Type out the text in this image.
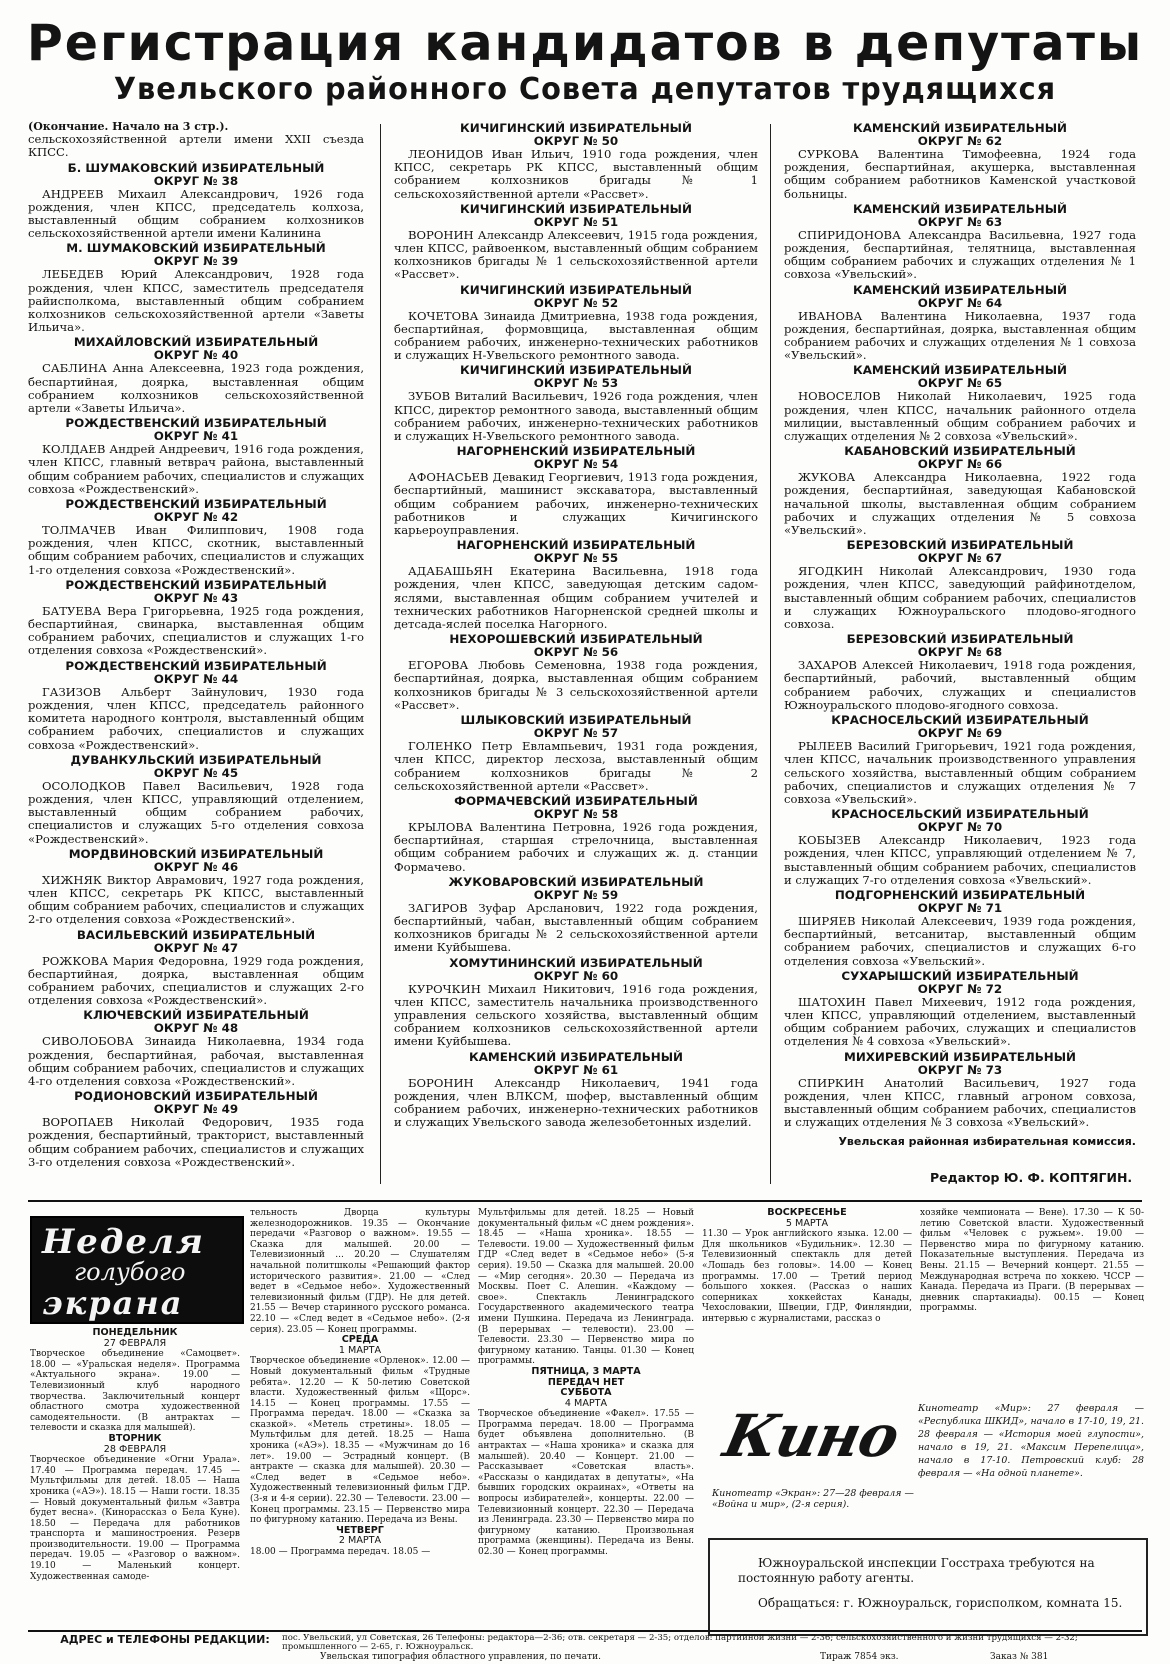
Регистрация кандидатов в депутаты
Увельского районного Совета депутатов трудящихся
(Окончание. Начало на 3 стр.).
сельскохозяйственной артели имени XXII съезда КПСС.
Б. ШУМАКОВСКИЙ ИЗБИРАТЕЛЬНЫЙ
ОКРУГ № 38

АНДРЕЕВ Михаил Александрович, 1926 года рождения, член КПСС, председатель колхоза, выставленный общим собранием колхозников сельскохозяйственной артели имени Калинина

М. ШУМАКОВСКИЙ ИЗБИРАТЕЛЬНЫЙ
ОКРУГ № 39

ЛЕБЕДЕВ Юрий Александрович, 1928 года рождения, член КПСС, заместитель председателя райисполкома, выставленный общим собранием колхозников сельскохозяйственной артели «Заветы Ильича».

МИХАЙЛОВСКИЙ ИЗБИРАТЕЛЬНЫЙ
ОКРУГ № 40

САБЛИНА Анна Алексеевна, 1923 года рождения, беспартийная, доярка, выставленная общим собранием колхозников сельскохозяйственной артели «Заветы Ильича».

РОЖДЕСТВЕНСКИЙ ИЗБИРАТЕЛЬНЫЙ
ОКРУГ № 41

КОЛДАЕВ Андрей Андреевич, 1916 года рождения, член КПСС, главный ветврач района, выставленный общим собранием рабочих, специалистов и служащих совхоза «Рождественский».

РОЖДЕСТВЕНСКИЙ ИЗБИРАТЕЛЬНЫЙ
ОКРУГ № 42

ТОЛМАЧЕВ Иван Филиппович, 1908 года рождения, член КПСС, скотник, выставленный общим собранием рабочих, специалистов и служащих 1-го отделения совхоза «Рождественский».

РОЖДЕСТВЕНСКИЙ ИЗБИРАТЕЛЬНЫЙ
ОКРУГ № 43

БАТУЕВА Вера Григорьевна, 1925 года рождения, беспартийная, свинарка, выставленная общим собранием рабочих, специалистов и служащих 1-го отделения совхоза «Рождественский».

РОЖДЕСТВЕНСКИЙ ИЗБИРАТЕЛЬНЫЙ
ОКРУГ № 44

ГАЗИЗОВ Альберт Зайнулович, 1930 года рождения, член КПСС, председатель районного комитета народного контроля, выставленный общим собранием рабочих, специалистов и служащих совхоза «Рождественский».

ДУВАНКУЛЬСКИЙ ИЗБИРАТЕЛЬНЫЙ
ОКРУГ № 45

ОСОЛОДКОВ Павел Васильевич, 1928 года рождения, член КПСС, управляющий отделением, выставленный общим собранием рабочих, специалистов и служащих 5-го отделения совхоза «Рождественский».

МОРДВИНОВСКИЙ ИЗБИРАТЕЛЬНЫЙ
ОКРУГ № 46

ХИЖНЯК Виктор Аврамович, 1927 года рождения, член КПСС, секретарь РК КПСС, выставленный общим собранием рабочих, специалистов и служащих 2-го отделения совхоза «Рождественский».

ВАСИЛЬЕВСКИЙ ИЗБИРАТЕЛЬНЫЙ
ОКРУГ № 47

РОЖКОВА Мария Федоровна, 1929 года рождения, беспартийная, доярка, выставленная общим собранием рабочих, специалистов и служащих 2-го отделения совхоза «Рождественский».

КЛЮЧЕВСКИЙ ИЗБИРАТЕЛЬНЫЙ
ОКРУГ № 48

СИВОЛОБОВА Зинаида Николаевна, 1934 года рождения, беспартийная, рабочая, выставленная общим собранием рабочих, специалистов и служащих 4-го отделения совхоза «Рождественский».

РОДИОНОВСКИЙ ИЗБИРАТЕЛЬНЫЙ
ОКРУГ № 49

ВОРОПАЕВ Николай Федорович, 1935 года рождения, беспартийный, тракторист, выставленный общим собранием рабочих, специалистов и служащих 3-го отделения совхоза «Рождественский».

КИЧИГИНСКИЙ ИЗБИРАТЕЛЬНЫЙ
ОКРУГ № 50

ЛЕОНИДОВ Иван Ильич, 1910 года рождения, член КПСС, секретарь РК КПСС, выставленный общим собранием колхозников бригады № 1 сельскохозяйственной артели «Рассвет».

КИЧИГИНСКИЙ ИЗБИРАТЕЛЬНЫЙ
ОКРУГ № 51

ВОРОНИН Александр Алексеевич, 1915 года рождения, член КПСС, райвоенком, выставленный общим собранием колхозников бригады № 1 сельскохозяйственной артели «Рассвет».

КИЧИГИНСКИЙ ИЗБИРАТЕЛЬНЫЙ
ОКРУГ № 52

КОЧЕТОВА Зинаида Дмитриевна, 1938 года рождения, беспартийная, формовщица, выставленная общим собранием рабочих, инженерно-технических работников и служащих Н-Увельского ремонтного завода.

КИЧИГИНСКИЙ ИЗБИРАТЕЛЬНЫЙ
ОКРУГ № 53

ЗУБОВ Виталий Васильевич, 1926 года рождения, член КПСС, директор ремонтного завода, выставленный общим собранием рабочих, инженерно-технических работников и служащих Н-Увельского ремонтного завода.

НАГОРНЕНСКИЙ ИЗБИРАТЕЛЬНЫЙ
ОКРУГ № 54

АФОНАСЬЕВ Девакид Георгиевич, 1913 года рождения, беспартийный, машинист экскаватора, выставленный общим собранием рабочих, инженерно-технических работников и служащих Кичигинского карьероуправления.

НАГОРНЕНСКИЙ ИЗБИРАТЕЛЬНЫЙ
ОКРУГ № 55

АДАБАШЬЯН Екатерина Васильевна, 1918 года рождения, член КПСС, заведующая детским садом-яслями, выставленная общим собранием учителей и технических работников Нагорненской средней школы и детсада-яслей поселка Нагорного.

НЕХОРОШЕВСКИЙ ИЗБИРАТЕЛЬНЫЙ
ОКРУГ № 56

ЕГОРОВА Любовь Семеновна, 1938 года рождения, беспартийная, доярка, выставленная общим собранием колхозников бригады № 3 сельскохозяйственной артели «Рассвет».

ШЛЫКОВСКИЙ ИЗБИРАТЕЛЬНЫЙ
ОКРУГ № 57

ГОЛЕНКО Петр Евлампьевич, 1931 года рождения, член КПСС, директор лесхоза, выставленный общим собранием колхозников бригады № 2 сельскохозяйственной артели «Рассвет».

ФОРМАЧЕВСКИЙ ИЗБИРАТЕЛЬНЫЙ
ОКРУГ № 58

КРЫЛОВА Валентина Петровна, 1926 года рождения, беспартийная, старшая стрелочница, выставленная общим собранием рабочих и служащих ж. д. станции Формачево.

ЖУКОВАРОВСКИЙ ИЗБИРАТЕЛЬНЫЙ
ОКРУГ № 59

ЗАГИРОВ Зуфар Арсланович, 1922 года рождения, беспартийный, чабан, выставленный общим собранием колхозников бригады № 2 сельскохозяйственной артели имени Куйбышева.

ХОМУТИНИНСКИЙ ИЗБИРАТЕЛЬНЫЙ
ОКРУГ № 60

КУРОЧКИН Михаил Никитович, 1916 года рождения, член КПСС, заместитель начальника производственного управления сельского хозяйства, выставленный общим собранием колхозников сельскохозяйственной артели имени Куйбышева.

КАМЕНСКИЙ ИЗБИРАТЕЛЬНЫЙ
ОКРУГ № 61

БОРОНИН Александр Николаевич, 1941 года рождения, член ВЛКСМ, шофер, выставленный общим собранием рабочих, инженерно-технических работников и служащих Увельского завода железобетонных изделий.

КАМЕНСКИЙ ИЗБИРАТЕЛЬНЫЙ
ОКРУГ № 62

СУРКОВА Валентина Тимофеевна, 1924 года рождения, беспартийная, акушерка, выставленная общим собранием работников Каменской участковой больницы.

КАМЕНСКИЙ ИЗБИРАТЕЛЬНЫЙ
ОКРУГ № 63

СПИРИДОНОВА Александра Васильевна, 1927 года рождения, беспартийная, телятница, выставленная общим собранием рабочих и служащих отделения № 1 совхоза «Увельский».

КАМЕНСКИЙ ИЗБИРАТЕЛЬНЫЙ
ОКРУГ № 64

ИВАНОВА Валентина Николаевна, 1937 года рождения, беспартийная, доярка, выставленная общим собранием рабочих и служащих отделения № 1 совхоза «Увельский».

КАМЕНСКИЙ ИЗБИРАТЕЛЬНЫЙ
ОКРУГ № 65

НОВОСЕЛОВ Николай Николаевич, 1925 года рождения, член КПСС, начальник районного отдела милиции, выставленный общим собранием рабочих и служащих отделения № 2 совхоза «Увельский».

КАБАНОВСКИЙ ИЗБИРАТЕЛЬНЫЙ
ОКРУГ № 66

ЖУКОВА Александра Николаевна, 1922 года рождения, беспартийная, заведующая Кабановской начальной школы, выставленная общим собранием рабочих и служащих отделения № 5 совхоза «Увельский».

БЕРЕЗОВСКИЙ ИЗБИРАТЕЛЬНЫЙ
ОКРУГ № 67

ЯГОДКИН Николай Александрович, 1930 года рождения, член КПСС, заведующий райфинотделом, выставленный общим собранием рабочих, специалистов и служащих Южноуральского плодово-ягодного совхоза.

БЕРЕЗОВСКИЙ ИЗБИРАТЕЛЬНЫЙ
ОКРУГ № 68

ЗАХАРОВ Алексей Николаевич, 1918 года рождения, беспартийный, рабочий, выставленный общим собранием рабочих, служащих и специалистов Южноуральского плодово-ягодного совхоза.

КРАСНОСЕЛЬСКИЙ ИЗБИРАТЕЛЬНЫЙ
ОКРУГ № 69

РЫЛЕЕВ Василий Григорьевич, 1921 года рождения, член КПСС, начальник производственного управления сельского хозяйства, выставленный общим собранием рабочих, специалистов и служащих отделения № 7 совхоза «Увельский».

КРАСНОСЕЛЬСКИЙ ИЗБИРАТЕЛЬНЫЙ
ОКРУГ № 70

КОБЫЗЕВ Александр Николаевич, 1923 года рождения, член КПСС, управляющий отделением № 7, выставленный общим собранием рабочих, специалистов и служащих 7-го отделения совхоза «Увельский».

ПОДГОРНЕНСКИЙ ИЗБИРАТЕЛЬНЫЙ
ОКРУГ № 71

ШИРЯЕВ Николай Алексеевич, 1939 года рождения, беспартийный, ветсанитар, выставленный общим собранием рабочих, специалистов и служащих 6-го отделения совхоза «Увельский».

СУХАРЫШСКИЙ ИЗБИРАТЕЛЬНЫЙ
ОКРУГ № 72

ШАТОХИН Павел Михеевич, 1912 года рождения, член КПСС, управляющий отделением, выставленный общим собранием рабочих, служащих и специалистов отделения № 4 совхоза «Увельский».

МИХИРЕВСКИЙ ИЗБИРАТЕЛЬНЫЙ
ОКРУГ № 73

СПИРКИН Анатолий Васильевич, 1927 года рождения, член КПСС, главный агроном совхоза, выставленный общим собранием рабочих, специалистов и служащих отделения № 3 совхоза «Увельский».

Увельская районная избирательная комиссия.
Редактор Ю. Ф. КОПТЯГИН.
Неделя
голубого
экрана
ПОНЕДЕЛЬНИК
27 ФЕВРАЛЯ
Творческое объединение «Самоцвет». 18.00 — «Уральская неделя». Программа «Актуального экрана». 19.00 — Телевизионный клуб народного творчества. Заключительный концерт областного смотра художественной самодеятельности. (В антрактах — телевости и сказка для малышей).
ВТОРНИК
28 ФЕВРАЛЯ
Творческое объединение «Огни Урала». 17.40 — Программа передач. 17.45 — Мультфильмы для детей. 18.05 — Наша хроника («АЭ»). 18.15 — Наши гости. 18.35 — Новый документальный фильм «Завтра будет весна». (Кинорассказ о Бела Куне). 18.50 — Передача для работников транспорта и машиностроения. Резерв производительности. 19.00 — Программа передач. 19.05 — «Разговор о важном». 19.10 — Маленький концерт. Художественная самоде-
тельность Дворца культуры железнодорожников. 19.35 — Окончание передачи «Разговор о важном». 19.55 — Сказка для малышей. 20.00 — Телевизионный ... 20.20 — Слушателям начальной политшколы «Решающий фактор исторического развития». 21.00 — «След ведет в «Седьмое небо». Художественный телевизионный фильм (ГДР). Не для детей. 21.55 — Вечер старинного русского романса. 22.10 — «След ведет в «Седьмое небо». (2-я серия). 23.05 — Конец программы.
СРЕДА
1 МАРТА
Творческое объединение «Орленок». 12.00 — Новый документальный фильм «Трудные ребята». 12.20 — К 50-летию Советской власти. Художественный фильм «Щорс». 14.15 — Конец программы. 17.55 — Программа передач. 18.00 — «Сказка за сказкой». «Метель стретины». 18.05 — Мультфильм для детей. 18.25 — Наша хроника («АЭ»). 18.35 — «Мужчинам до 16 лет». 19.00 — Эстрадный концерт. (В антракте — сказка для малышей). 20.30 — «След ведет в «Седьмое небо». Художественный телевизионный фильм ГДР. (3-я и 4-я серии). 22.30 — Телевости. 23.00 — Конец программы. 23.15 — Первенство мира по фигурному катанию. Передача из Вены.
ЧЕТВЕРГ
2 МАРТА
18.00 — Программа передач. 18.05 —
Мультфильмы для детей. 18.25 — Новый документальный фильм «С днем рождения». 18.45 — «Наша хроника». 18.55 — Телевости. 19.00 — Художественный фильм ГДР «След ведет в «Седьмое небо» (5-я серия). 19.50 — Сказка для малышей. 20.00 — «Мир сегодня». 20.30 — Передача из Москвы. Поет С. Алешин. «Каждому — свое». Спектакль Ленинградского Государственного академического театра имени Пушкина. Передача из Ленинграда. (В перерывах — телевости). 23.00 — Телевости. 23.30 — Первенство мира по фигурному катанию. Танцы. 01.30 — Конец программы.
ПЯТНИЦА, 3 МАРТА
ПЕРЕДАЧ НЕТ
СУББОТА
4 МАРТА
Творческое объединение «Факел». 17.55 — Программа передач. 18.00 — Программа будет объявлена дополнительно. (В антрактах — «Наша хроника» и сказка для малышей). 20.40 — Концерт. 21.00 — Рассказывает «Советская власть». «Рассказы о кандидатах в депутаты», «На бывших городских окраинах», «Ответы на вопросы избирателей», концерты. 22.00 — Телевизионный концерт. 22.30 — Передача из Ленинграда. 23.30 — Первенство мира по фигурному катанию. Произвольная программа (женщины). Передача из Вены. 02.30 — Конец программы.
ВОСКРЕСЕНЬЕ
5 МАРТА
11.30 — Урок английского языка. 12.00 — Для школьников «Будильник». 12.30 — Телевизионный спектакль для детей «Лошадь без головы». 14.00 — Конец программы. 17.00 — Третий период большого хоккея. (Рассказ о наших соперниках хоккейстах Канады, Чехословакии, Швеции, ГДР, Финляндии, интервью с журналистами, рассказ о
хозяйке чемпионата — Вене). 17.30 — К 50-летию Советской власти. Художественный фильм «Человек с ружьем». 19.00 — Первенство мира по фигурному катанию. Показательные выступления. Передача из Вены. 21.15 — Вечерний концерт. 21.55 — Международная встреча по хоккею. ЧССР — Канада. Передача из Праги. (В перерывах — дневник спартакиады). 00.15 — Конец программы.
Кино
Кинотеатр «Экран»: 27—28 февраля — «Война и мир», (2-я серия).
Кинотеатр «Мир»: 27 февраля — «Республика ШКИД», начало в 17-10, 19, 21. 28 февраля — «История моей глупости», начало в 19, 21. «Максим Перепелица», начало в 17-10. Петровский клуб: 28 февраля — «На одной планете».

Южноуральской инспекции Госстраха требуются на постоянную работу агенты.

Обращаться: г. Южноуральск, горисполком, комната 15.

АДРЕС и ТЕЛЕФОНЫ РЕДАКЦИИ: пос. Увельский, ул Советская, 26 Телефоны: редактора—2-36; отв. секретаря — 2-35; отделов: партийной жизни — 2-36; сельскохозяйственного и жизни трудящихся — 2-32; промышленного — 2-65, г. Южноуральск.
Увельская типография областного управления, по печати.	Тираж 7854 экз.	Заказ № 381
